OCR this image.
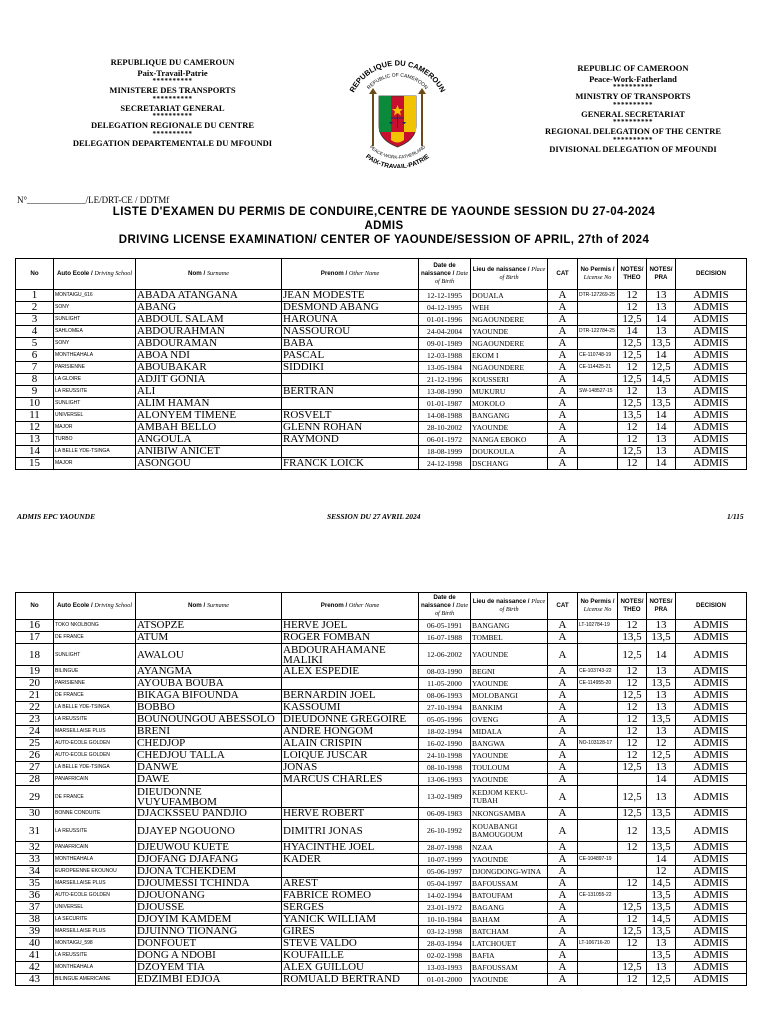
REPUBLIQUE DU CAMEROUN
Paix-Travail-Patrie
**********
MINISTERE DES TRANSPORTS
**********
SECRETARIAT GENERAL
**********
DELEGATION REGIONALE DU CENTRE
**********
DELEGATION DEPARTEMENTALE DU MFOUNDI
REPUBLIQUE DU CAMEROUN
REPUBLIC OF CAMEROON
PEACE-WORK-FATHERLAND
PAIX-TRAVAIL-PATRIE
REPUBLIC OF CAMEROON
Peace-Work-Fatherland
**********
MINISTRY OF TRANSPORTS
**********
GENERAL SECRETARIAT
**********
REGIONAL DELEGATION OF THE CENTRE
**********
DIVISIONAL DELEGATION OF MFOUNDI
N°_____________/LE/DRT-CE / DDTMf
LISTE D'EXAMEN DU PERMIS DE CONDUIRE,CENTRE DE YAOUNDE SESSION DU 27-04-2024
ADMIS
DRIVING LICENSE EXAMINATION/ CENTER OF YAOUNDE/SESSION OF APRIL, 27th of 2024
No	Auto Ecole / Driving School	Nom / Surname	Prenom / Other Name	Date de naissance / Date of Birth	Lieu de naissance / Place of Birth	CAT	No Permis / License No	NOTES/ THEO	NOTES/ PRA	DECISION
1	MONTAIGU_616	ABADA ATANGANA	JEAN MODESTE	12-12-1995	DOUALA	A	DTR-127269-25	12	13	ADMIS
2	SONY	ABANG	DESMOND ABANG	04-12-1995	WEH	A		12	13	ADMIS
3	SUNLIGHT	ABDOUL SALAM	HAROUNA	01-01-1996	NGAOUNDERE	A		12,5	14	ADMIS
4	SAHLOMEA	ABDOURAHMAN	NASSOUROU	24-04-2004	YAOUNDE	A	DTR-122784-25	14	13	ADMIS
5	SONY	ABDOURAMAN	BABA	09-01-1989	NGAOUNDERE	A		12,5	13,5	ADMIS
6	MONTHEAHALA	ABOA NDI	PASCAL	12-03-1988	EKOM I	A	CE-110748-19	12,5	14	ADMIS
7	PARISIENNE	ABOUBAKAR	SIDDIKI	13-05-1984	NGAOUNDERE	A	CE-114425-21	12	12,5	ADMIS
8	LA GLOIRE	ADJIT GONIA		21-12-1996	KOUSSERI	A		12,5	14,5	ADMIS
9	LA REUSSITE	ALI	BERTRAN	13-08-1990	MUKURU	A	SW-148527-15	12	13	ADMIS
10	SUNLIGHT	ALIM HAMAN		01-01-1987	MOKOLO	A		12,5	13,5	ADMIS
11	UNIVERSEL	ALONYEM TIMENE	ROSVELT	14-08-1988	BANGANG	A		13,5	14	ADMIS
12	MAJOR	AMBAH BELLO	GLENN ROHAN	28-10-2002	YAOUNDE	A		12	14	ADMIS
13	TURBO	ANGOULA	RAYMOND	06-01-1972	NANGA EBOKO	A		12	13	ADMIS
14	LA BELLE YDE-TSINGA	ANIBIW ANICET		18-08-1999	DOUKOULA	A		12,5	13	ADMIS
15	MAJOR	ASONGOU	FRANCK LOICK	24-12-1998	DSCHANG	A		12	14	ADMIS
ADMIS EPC YAOUNDE	SESSION DU 27 AVRIL 2024	1/115
No	Auto Ecole / Driving School	Nom / Surname	Prenom / Other Name	Date de naissance / Date of Birth	Lieu de naissance / Place of Birth	CAT	No Permis / License No	NOTES/ THEO	NOTES/ PRA	DECISION
16	TOKO NKOLBONG	ATSOPZE	HERVE JOEL	06-05-1991	BANGANG	A	LT-102784-19	12	13	ADMIS
17	DE FRANCE	ATUM	ROGER FOMBAN	16-07-1988	TOMBEL	A		13,5	13,5	ADMIS
18	SUNLIGHT	AWALOU	ABDOURAHAMANE MALIKI	12-06-2002	YAOUNDE	A		12,5	14	ADMIS
19	BILINGUE	AYANGMA	ALEX ESPEDIE	08-03-1990	BEGNI	A	CE-103743-22	12	13	ADMIS
20	PARISIENNE	AYOUBA BOUBA		11-05-2000	YAOUNDE	A	CE-114955-20	12	13,5	ADMIS
21	DE FRANCE	BIKAGA BIFOUNDA	BERNARDIN JOEL	08-06-1993	MOLOBANGI	A		12,5	13	ADMIS
22	LA BELLE YDE-TSINGA	BOBBO	KASSOUMI	27-10-1994	BANKIM	A		12	13	ADMIS
23	LA REUSSITE	BOUNOUNGOU ABESSOLO	DIEUDONNE GREGOIRE	05-05-1996	OVENG	A		12	13,5	ADMIS
24	MARSEILLAISE PLUS	BRENI	ANDRE HONGOM	18-02-1994	MIDALA	A		12	13	ADMIS
25	AUTO-ECOLE GOLDEN	CHEDJOP	ALAIN CRISPIN	16-02-1990	BANGWA	A	NO-103128-17	12	12	ADMIS
26	AUTO-ECOLE GOLDEN	CHEDJOU TALLA	LOIQUE JUSCAR	24-10-1998	YAOUNDE	A		12	12,5	ADMIS
27	LA BELLE YDE-TSINGA	DANWE	JONAS	08-10-1998	TOULOUM	A		12,5	13	ADMIS
28	PANAFRICAIN	DAWE	MARCUS CHARLES	13-06-1993	YAOUNDE	A			14	ADMIS
29	DE FRANCE	DIEUDONNE VUYUFAMBOM		13-02-1989	KEDJOM KEKU-TUBAH	A		12,5	13	ADMIS
30	BONNE CONDUITE	DJACKSSEU PANDJIO	HERVE ROBERT	06-09-1983	NKONGSAMBA	A		12,5	13,5	ADMIS
31	LA REUSSITE	DJAYEP NGOUONO	DIMITRI JONAS	26-10-1992	KOUABANGI BAMOUGOUM	A		12	13,5	ADMIS
32	PANAFRICAIN	DJEUWOU KUETE	HYACINTHE JOEL	28-07-1998	NZAA	A		12	13,5	ADMIS
33	MONTHEAHALA	DJOFANG DJAFANG	KADER	10-07-1999	YAOUNDE	A	CE-104897-19		14	ADMIS
34	EUROPEENNE EKOUNOU	DJONA TCHEKDEM		05-06-1997	DJONGDONG-WINA	A			12	ADMIS
35	MARSEILLAISE PLUS	DJOUMESSI TCHINDA	AREST	05-04-1997	BAFOUSSAM	A		12	14,5	ADMIS
36	AUTO-ECOLE GOLDEN	DJOUONANG	FABRICE ROMEO	14-02-1994	BATOUFAM	A	CE-131055-22		13,5	ADMIS
37	UNIVERSEL	DJOUSSE	SERGES	23-01-1972	BAGANG	A		12,5	13,5	ADMIS
38	LA SECURITE	DJOYIM KAMDEM	YANICK WILLIAM	10-10-1984	BAHAM	A		12	14,5	ADMIS
39	MARSEILLAISE PLUS	DJUINNO TIONANG	GIRES	03-12-1998	BATCHAM	A		12,5	13,5	ADMIS
40	MONTAIGU_598	DONFOUET	STEVE VALDO	28-03-1994	LATCHOUET	A	LT-106716-20	12	13	ADMIS
41	LA REUSSITE	DONG A NDOBI	KOUFAILLE	02-02-1998	BAFIA	A			13,5	ADMIS
42	MONTHEAHALA	DZOYEM TIA	ALEX GUILLOU	13-03-1993	BAFOUSSAM	A		12,5	13	ADMIS
43	BILINGUE AMERICAINE	EDZIMBI EDJOA	ROMUALD BERTRAND	01-01-2000	YAOUNDE	A		12	12,5	ADMIS
